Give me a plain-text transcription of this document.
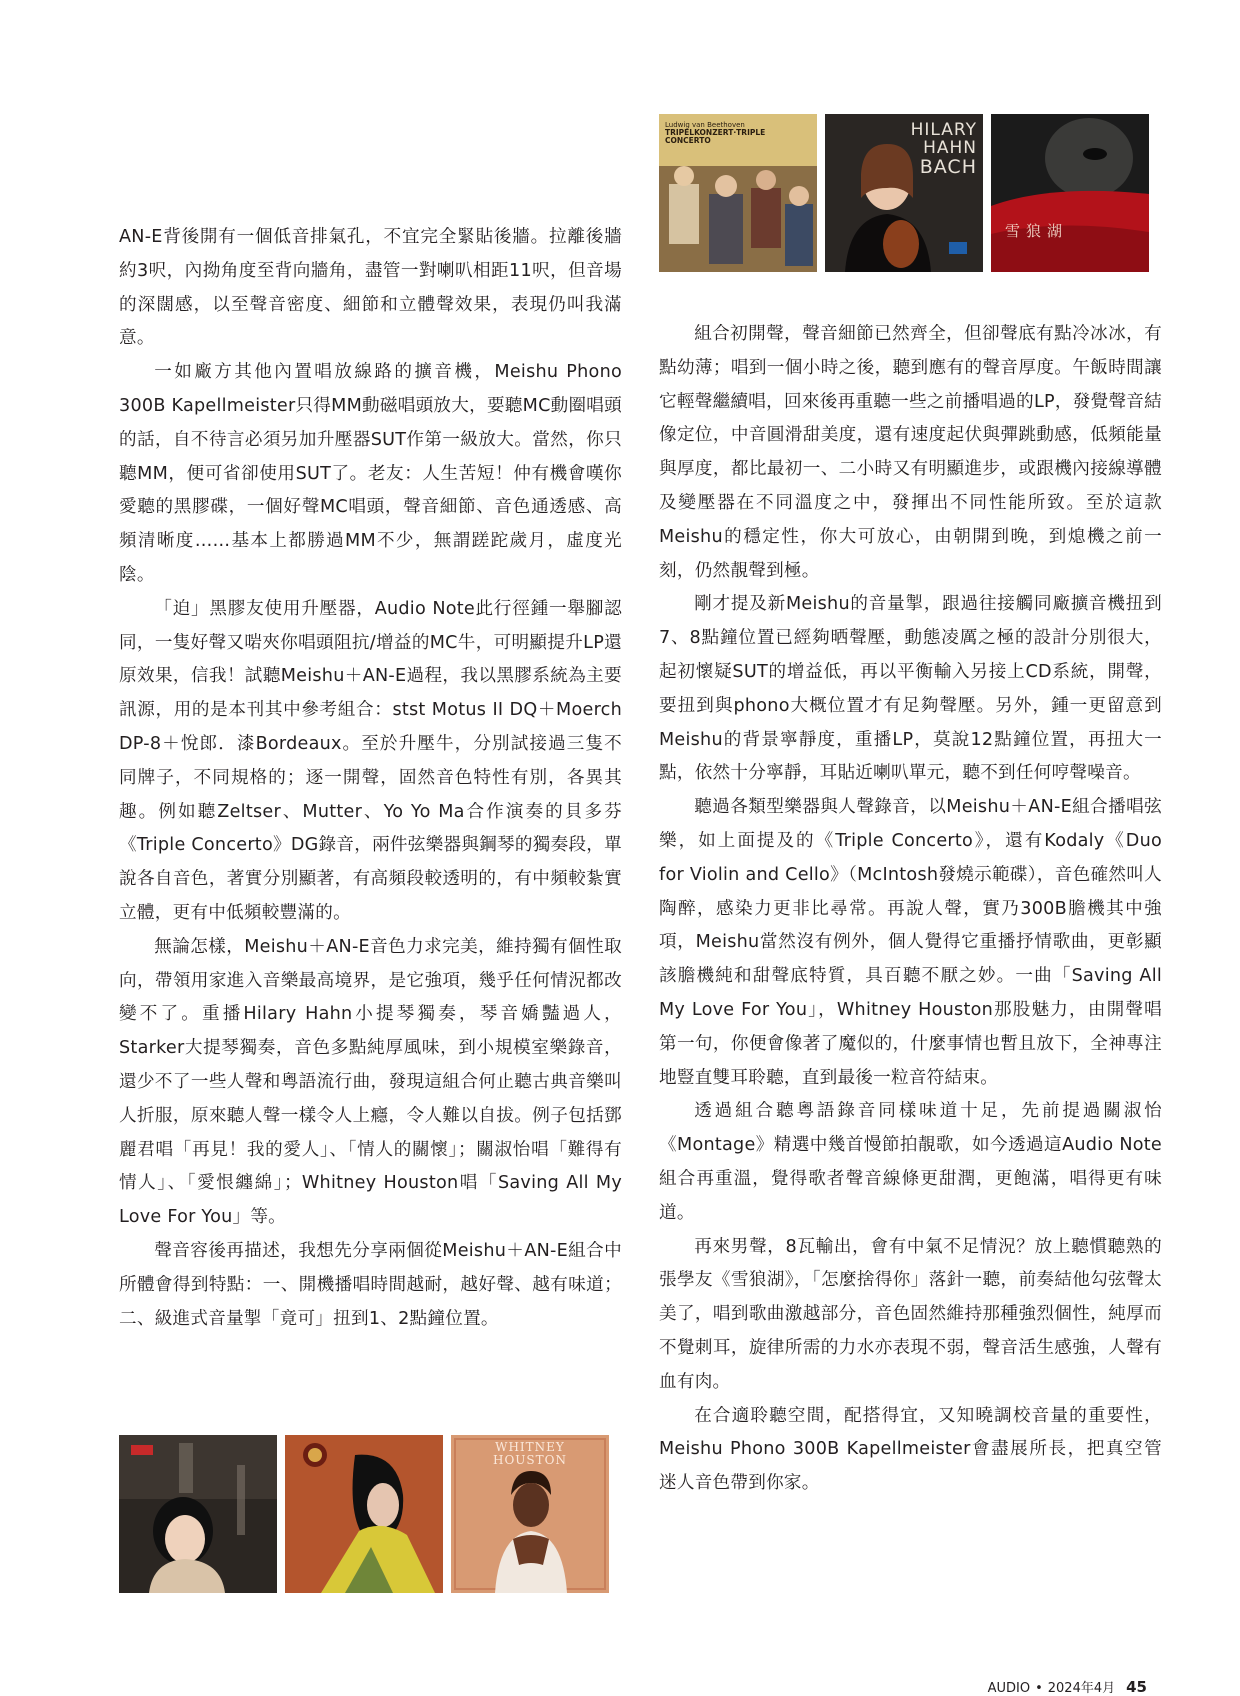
Ludwig van Beethoven
TRIPELKONZERT·TRIPLE CONCERTO
HILARY
HAHN
BACH
雪狼湖

AN-E背後開有一個低音排氣孔，不宜完全緊貼後牆。拉離後牆約3呎，內拗角度至背向牆角，盡管一對喇叭相距11呎，但音場的深闊感，以至聲音密度、細節和立體聲效果，表現仍叫我滿意。

一如廠方其他內置唱放線路的擴音機，Meishu Phono 300B Kapellmeister只得MM動磁唱頭放大，要聽MC動圈唱頭的話，自不待言必須另加升壓器SUT作第一級放大。當然，你只聽MM，便可省卻使用SUT了。老友：人生苦短！仲有機會嘆你愛聽的黑膠碟，一個好聲MC唱頭，聲音細節、音色通透感、高頻清晰度……基本上都勝過MM不少，無謂蹉跎歲月，虛度光陰。

「迫」黑膠友使用升壓器，Audio Note此行徑鍾一舉腳認同，一隻好聲又啱夾你唱頭阻抗/增益的MC牛，可明顯提升LP還原效果，信我！試聽Meishu＋AN-E過程，我以黑膠系統為主要訊源，用的是本刊其中參考組合：stst Motus II DQ＋Moerch DP-8＋悅郎．漆Bordeaux。至於升壓牛，分別試接過三隻不同牌子，不同規格的；逐一開聲，固然音色特性有別，各異其趣。例如聽Zeltser、Mutter、Yo Yo Ma合作演奏的貝多芬《Triple Concerto》DG錄音，兩件弦樂器與鋼琴的獨奏段，單說各自音色，著實分別顯著，有高頻段較透明的，有中頻較紮實立體，更有中低頻較豐滿的。

無論怎樣，Meishu＋AN-E音色力求完美，維持獨有個性取向，帶領用家進入音樂最高境界，是它強項，幾乎任何情況都改變不了。重播Hilary Hahn小提琴獨奏，琴音嬌豔過人，Starker大提琴獨奏，音色多點純厚風味，到小規模室樂錄音，還少不了一些人聲和粵語流行曲，發現這組合何止聽古典音樂叫人折服，原來聽人聲一樣令人上癮，令人難以自拔。例子包括鄧麗君唱「再見！我的愛人」、「情人的關懷」；關淑怡唱「難得有情人」、「愛恨纏綿」；Whitney Houston唱「Saving All My Love For You」等。

聲音容後再描述，我想先分享兩個從Meishu＋AN-E組合中所體會得到特點：一、開機播唱時間越耐，越好聲、越有味道；二、級進式音量掣「竟可」扭到1、2點鐘位置。

組合初開聲，聲音細節已然齊全，但卻聲底有點冷冰冰，有點幼薄；唱到一個小時之後，聽到應有的聲音厚度。午飯時間讓它輕聲繼續唱，回來後再重聽一些之前播唱過的LP，發覺聲音結像定位，中音圓滑甜美度，還有速度起伏與彈跳動感，低頻能量與厚度，都比最初一、二小時又有明顯進步，或跟機內接線導體及變壓器在不同溫度之中，發揮出不同性能所致。至於這款Meishu的穩定性，你大可放心，由朝開到晚，到熄機之前一刻，仍然靚聲到極。

剛才提及新Meishu的音量掣，跟過往接觸同廠擴音機扭到7、8點鐘位置已經夠晒聲壓，動態凌厲之極的設計分別很大，起初懷疑SUT的增益低，再以平衡輸入另接上CD系統，開聲，要扭到與phono大概位置才有足夠聲壓。另外，鍾一更留意到Meishu的背景寧靜度，重播LP，莫說12點鐘位置，再扭大一點，依然十分寧靜，耳貼近喇叭單元，聽不到任何哼聲噪音。

聽過各類型樂器與人聲錄音，以Meishu＋AN-E組合播唱弦樂，如上面提及的《Triple Concerto》，還有Kodaly《Duo for Violin and Cello》（McIntosh發燒示範碟），音色確然叫人陶醉，感染力更非比尋常。再說人聲，實乃300B膽機其中強項，Meishu當然沒有例外，個人覺得它重播抒情歌曲，更彰顯該膽機純和甜聲底特質，具百聽不厭之妙。一曲「Saving All My Love For You」，Whitney Houston那股魅力，由開聲唱第一句，你便會像著了魔似的，什麼事情也暫且放下，全神專注地豎直雙耳聆聽，直到最後一粒音符結束。

透過組合聽粵語錄音同樣味道十足，先前提過關淑怡《Montage》精選中幾首慢節拍靚歌，如今透過這Audio Note組合再重溫，覺得歌者聲音線條更甜潤，更飽滿，唱得更有味道。

再來男聲，8瓦輸出，會有中氣不足情況？放上聽慣聽熟的張學友《雪狼湖》，「怎麼捨得你」落針一聽，前奏結他勾弦聲太美了，唱到歌曲激越部分，音色固然維持那種強烈個性，純厚而不覺刺耳，旋律所需的力水亦表現不弱，聲音活生感強，人聲有血有肉。

在合適聆聽空間，配搭得宜，又知曉調校音量的重要性，Meishu Phono 300B Kapellmeister會盡展所長，把真空管迷人音色帶到你家。

WHITNEY HOUSTON
AUDIO • 2024年4月 45
